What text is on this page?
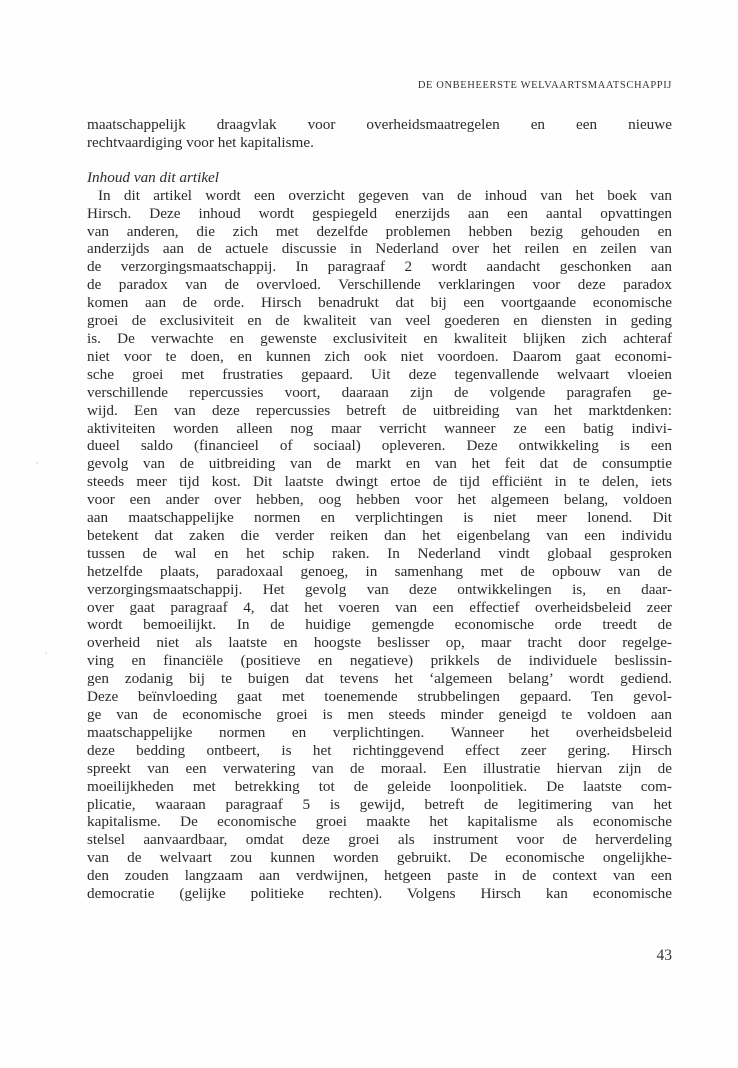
DE ONBEHEERSTE WELVAARTSMAATSCHAPPIJ
maatschappelijk draagvlak voor overheidsmaatregelen en een nieuwe
rechtvaardiging voor het kapitalisme.
Inhoud van dit artikel
In dit artikel wordt een overzicht gegeven van de inhoud van het boek van
Hirsch. Deze inhoud wordt gespiegeld enerzijds aan een aantal opvattingen
van anderen, die zich met dezelfde problemen hebben bezig gehouden en
anderzijds aan de actuele discussie in Nederland over het reilen en zeilen van
de verzorgingsmaatschappij. In paragraaf 2 wordt aandacht geschonken aan
de paradox van de overvloed. Verschillende verklaringen voor deze paradox
komen aan de orde. Hirsch benadrukt dat bij een voortgaande economische
groei de exclusiviteit en de kwaliteit van veel goederen en diensten in geding
is. De verwachte en gewenste exclusiviteit en kwaliteit blijken zich achteraf
niet voor te doen, en kunnen zich ook niet voordoen. Daarom gaat economi-
sche groei met frustraties gepaard. Uit deze tegenvallende welvaart vloeien
verschillende repercussies voort, daaraan zijn de volgende paragrafen ge-
wijd. Een van deze repercussies betreft de uitbreiding van het marktdenken:
aktiviteiten worden alleen nog maar verricht wanneer ze een batig indivi-
dueel saldo (financieel of sociaal) opleveren. Deze ontwikkeling is een
gevolg van de uitbreiding van de markt en van het feit dat de consumptie
steeds meer tijd kost. Dit laatste dwingt ertoe de tijd efficiënt in te delen, iets
voor een ander over hebben, oog hebben voor het algemeen belang, voldoen
aan maatschappelijke normen en verplichtingen is niet meer lonend. Dit
betekent dat zaken die verder reiken dan het eigenbelang van een individu
tussen de wal en het schip raken. In Nederland vindt globaal gesproken
hetzelfde plaats, paradoxaal genoeg, in samenhang met de opbouw van de
verzorgingsmaatschappij. Het gevolg van deze ontwikkelingen is, en daar-
over gaat paragraaf 4, dat het voeren van een effectief overheidsbeleid zeer
wordt bemoeilijkt. In de huidige gemengde economische orde treedt de
overheid niet als laatste en hoogste beslisser op, maar tracht door regelge-
ving en financiële (positieve en negatieve) prikkels de individuele beslissin-
gen zodanig bij te buigen dat tevens het ‘algemeen belang’ wordt gediend.
Deze beïnvloeding gaat met toenemende strubbelingen gepaard. Ten gevol-
ge van de economische groei is men steeds minder geneigd te voldoen aan
maatschappelijke normen en verplichtingen. Wanneer het overheidsbeleid
deze bedding ontbeert, is het richtinggevend effect zeer gering. Hirsch
spreekt van een verwatering van de moraal. Een illustratie hiervan zijn de
moeilijkheden met betrekking tot de geleide loonpolitiek. De laatste com-
plicatie, waaraan paragraaf 5 is gewijd, betreft de legitimering van het
kapitalisme. De economische groei maakte het kapitalisme als economische
stelsel aanvaardbaar, omdat deze groei als instrument voor de herverdeling
van de welvaart zou kunnen worden gebruikt. De economische ongelijkhe-
den zouden langzaam aan verdwijnen, hetgeen paste in de context van een
democratie (gelijke politieke rechten). Volgens Hirsch kan economische
43
